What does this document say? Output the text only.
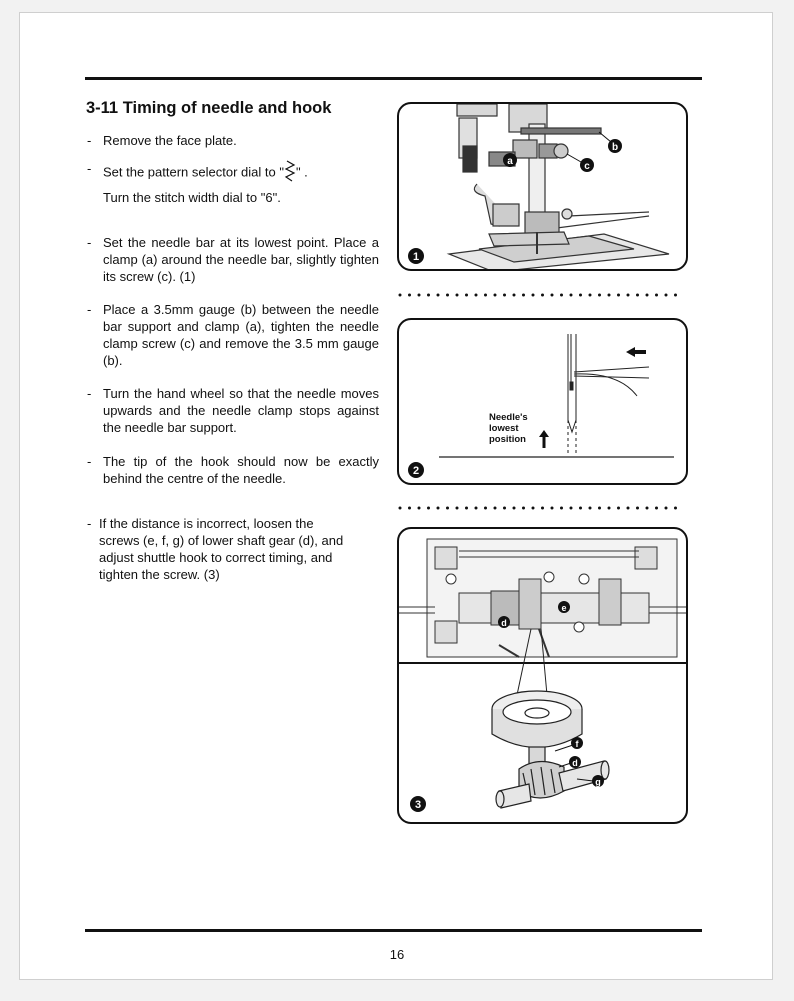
3-11 Timing of needle and hook
- Remove the face plate.
- Set the pattern selector dial to " " .
Turn the stitch width dial to "6".
- Set the needle bar at its lowest point. Place a clamp (a) around the needle bar, slightly tighten its screw (c). (1)
- Place a 3.5mm gauge (b) between the needle bar support and clamp (a), tighten the needle clamp screw (c) and remove the 3.5 mm gauge (b).
- Turn the hand wheel so that the needle moves upwards and the needle clamp stops against the needle bar support.
- The tip of the hook should now be exactly behind the centre of the needle.
- If the distance is incorrect, loosen the screws (e, f, g) of lower shaft gear (d), and adjust shuttle hook to correct timing, and tighten the screw. (3)
a
b
c
1
Needle's lowest position
2
d
e
f
d
g
3
16
